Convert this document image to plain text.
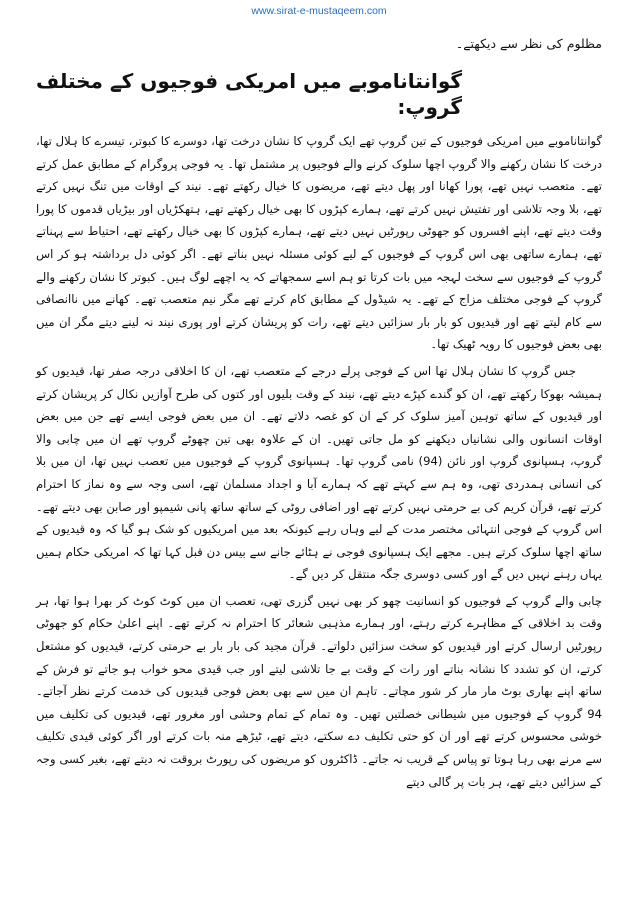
www.sirat-e-mustaqeem.com

مظلوم کی نظر سے دیکھتے۔

گوانتاناموبے میں امریکی فوجیوں کے مختلف گروپ:

گوانتاناموبے میں امریکی فوجیوں کے تین گروپ تھے ایک گروپ کا نشان درخت تھا، دوسرے کا کبوتر، تیسرے کا ہلال تھا، درخت کا نشان رکھنے والا گروپ اچھا سلوک کرنے والے فوجیوں پر مشتمل تھا۔ یہ فوجی پروگرام کے مطابق عمل کرتے تھے۔ متعصب نہیں تھے، پورا کھانا اور پھل دیتے تھے، مریضوں کا خیال رکھتے تھے۔ نیند کے اوقات میں تنگ نہیں کرتے تھے، بلا وجہ تلاشی اور تفتیش نہیں کرتے تھے، ہمارے کپڑوں کا بھی خیال رکھتے تھے، ہتھکڑیاں اور بیڑیاں قدموں کا پورا وقت دیتے تھے، اپنے افسروں کو جھوٹی رپورٹیں نہیں دیتے تھے، ہمارے کپڑوں کا بھی خیال رکھتے تھے، احتیاط سے پہناتے تھے، ہمارے ساتھی بھی اس گروپ کے فوجیوں کے لیے کوئی مسئلہ نہیں بناتے تھے۔ اگر کوئی دل برداشتہ ہو کر اس گروپ کے فوجیوں سے سخت لہجہ میں بات کرتا تو ہم اسے سمجھاتے کہ یہ اچھے لوگ ہیں۔ کبوتر کا نشان رکھنے والے گروپ کے فوجی مختلف مزاج کے تھے۔ یہ شیڈول کے مطابق کام کرتے تھے مگر نیم متعصب تھے۔ کھانے میں ناانصافی سے کام لیتے تھے اور قیدیوں کو بار بار سزائیں دیتے تھے، رات کو پریشان کرتے اور پوری نیند نہ لینے دیتے مگر ان میں بھی بعض فوجیوں کا رویہ ٹھیک تھا۔

جس گروپ کا نشان ہلال تھا اس کے فوجی پرلے درجے کے متعصب تھے، ان کا اخلاقی درجہ صفر تھا، قیدیوں کو ہمیشہ بھوکا رکھتے تھے، ان کو گندے کپڑے دیتے تھے، نیند کے وقت بلیوں اور کتوں کی طرح آوازیں نکال کر پریشان کرتے اور قیدیوں کے ساتھ توہین آمیز سلوک کر کے ان کو غصہ دلاتے تھے۔ ان میں بعض فوجی ایسے تھے جن میں بعض اوقات انسانوں والی نشانیاں دیکھنے کو مل جاتی تھیں۔ ان کے علاوہ بھی تین چھوٹے گروپ تھے ان میں چابی والا گروپ، ہسپانوی گروپ اور نائن (94) نامی گروپ تھا۔ ہسپانوی گروپ کے فوجیوں میں تعصب نہیں تھا، ان میں بلا کی انسانی ہمدردی تھی، وہ ہم سے کہتے تھے کہ ہمارے آبا و اجداد مسلمان تھے، اسی وجہ سے وہ نماز کا احترام کرتے تھے، قرآن کریم کی بے حرمتی نہیں کرتے تھے اور اضافی روٹی کے ساتھ ساتھ پانی شیمپو اور صابن بھی دیتے تھے۔ اس گروپ کے فوجی انتہائی مختصر مدت کے لیے وہاں رہے کیونکہ بعد میں امریکیوں کو شک ہو گیا کہ وہ قیدیوں کے ساتھ اچھا سلوک کرتے ہیں۔ مجھے ایک ہسپانوی فوجی نے ہٹائے جانے سے بیس دن قبل کہا تھا کہ امریکی حکام ہمیں یہاں رہنے نہیں دیں گے اور کسی دوسری جگہ منتقل کر دیں گے۔

چابی والے گروپ کے فوجیوں کو انسانیت چھو کر بھی نہیں گزری تھی، تعصب ان میں کوٹ کوٹ کر بھرا ہوا تھا، ہر وقت بد اخلاقی کے مظاہرے کرتے رہتے، اور ہمارے مذہبی شعائر کا احترام نہ کرتے تھے۔ اپنے اعلیٰ حکام کو جھوٹی رپورٹیں ارسال کرتے اور قیدیوں کو سخت سزائیں دلواتے۔ قرآن مجید کی بار بار بے حرمتی کرتے، قیدیوں کو مشتعل کرتے، ان کو تشدد کا نشانہ بناتے اور رات کے وقت بے جا تلاشی لیتے اور جب قیدی محو خواب ہو جاتے تو فرش کے ساتھ اپنے بھاری بوٹ مار مار کر شور مچاتے۔ تاہم ان میں سے بھی بعض فوجی قیدیوں کی خدمت کرتے نظر آجاتے۔ 94 گروپ کے فوجیوں میں شیطانی خصلتیں تھیں۔ وہ تمام کے تمام وحشی اور مغرور تھے، قیدیوں کی تکلیف میں خوشی محسوس کرتے تھے اور ان کو حتی تکلیف دے سکتے، دیتے تھے، ٹیڑھے منہ بات کرتے اور اگر کوئی قیدی تکلیف سے مرنے بھی رہا ہوتا تو پیاس کے قریب نہ جاتے۔ ڈاکٹروں کو مریضوں کی رپورٹ بروقت نہ دیتے تھے، بغیر کسی وجہ کے سزائیں دیتے تھے، ہر بات پر گالی دیتے
